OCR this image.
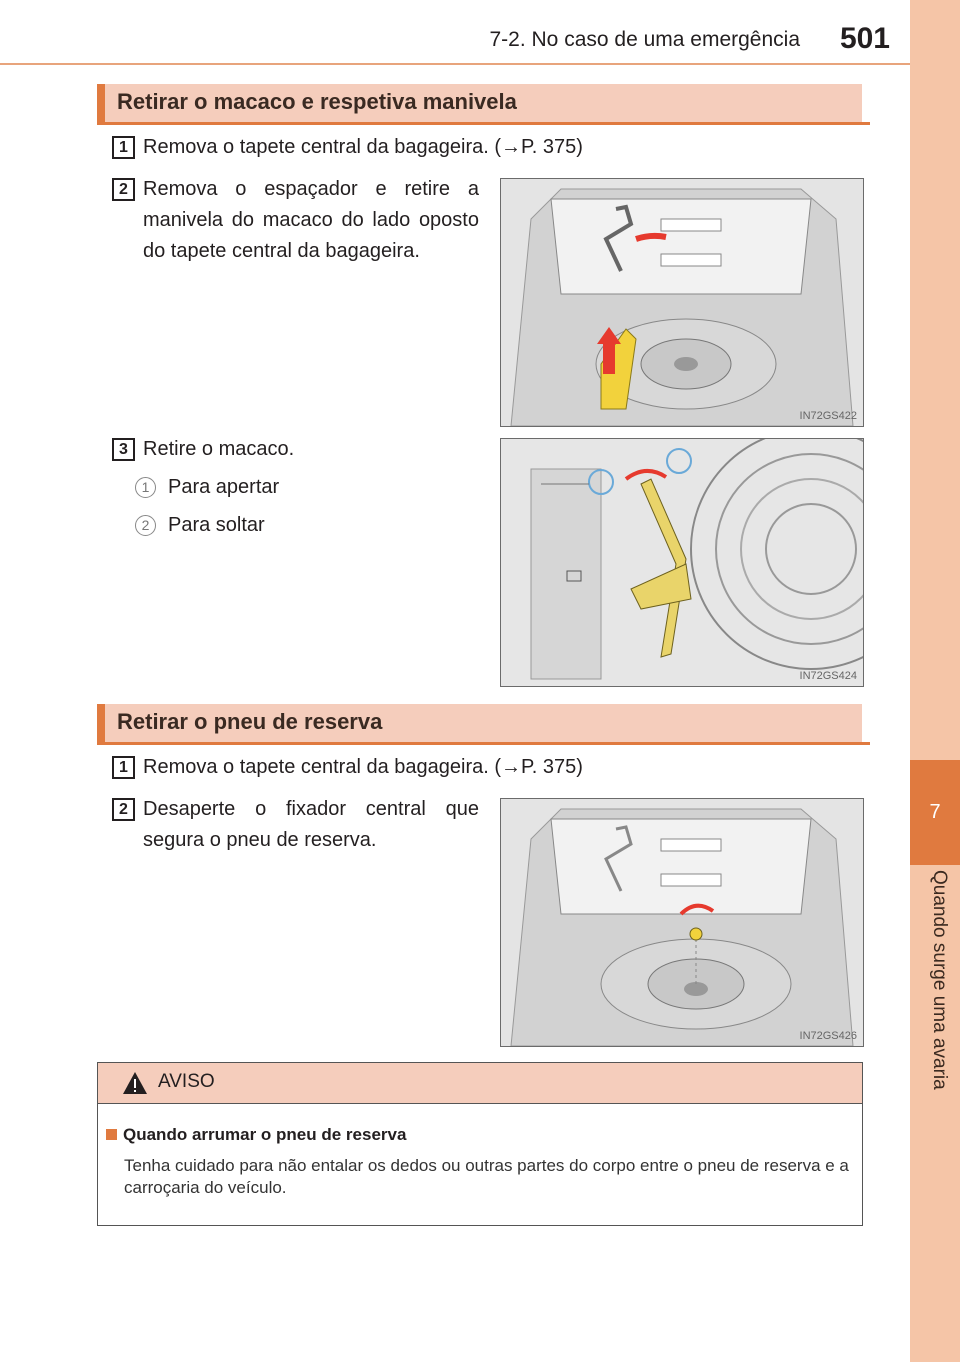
7-2. No caso de uma emergência	501
7
Quando surge uma avaria
Retirar o macaco e respetiva manivela
1 Remova o tapete central da bagageira. (→P. 375)
2 Remova o espaçador e retire a manivela do macaco do lado oposto do tapete central da bagageira.
IN72GS422
3 Retire o macaco.
1 Para apertar
2 Para soltar
IN72GS424
Retirar o pneu de reserva
1 Remova o tapete central da bagageira. (→P. 375)
2 Desaperte o fixador central que segura o pneu de reserva.
IN72GS426
AVISO
Quando arrumar o pneu de reserva
Tenha cuidado para não entalar os dedos ou outras partes do corpo entre o pneu de reserva e a carroçaria do veículo.
